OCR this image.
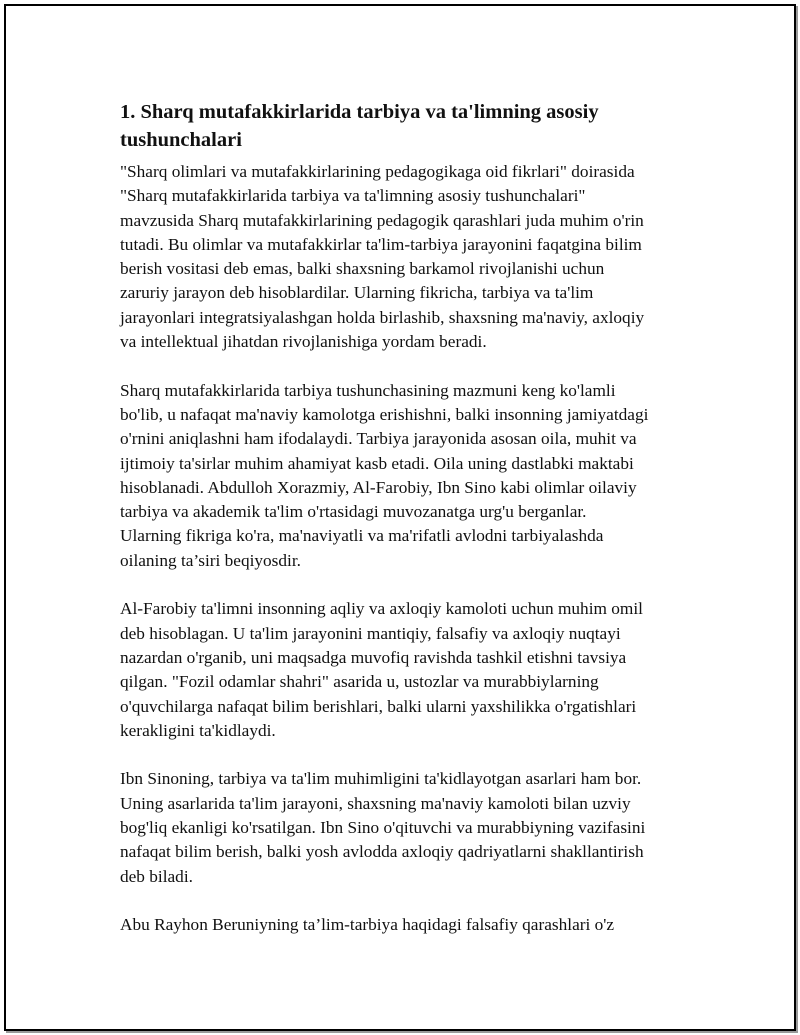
1. Sharq mutafakkirlarida tarbiya va ta'limning asosiy
tushunchalari

"Sharq olimlari va mutafakkirlarining pedagogikaga oid fikrlari" doirasida
"Sharq mutafakkirlarida tarbiya va ta'limning asosiy tushunchalari"
mavzusida Sharq mutafakkirlarining pedagogik qarashlari juda muhim o'rin
tutadi. Bu olimlar va mutafakkirlar ta'lim-tarbiya jarayonini faqatgina bilim
berish vositasi deb emas, balki shaxsning barkamol rivojlanishi uchun
zaruriy jarayon deb hisoblardilar. Ularning fikricha, tarbiya va ta'lim
jarayonlari integratsiyalashgan holda birlashib, shaxsning ma'naviy, axloqiy
va intellektual jihatdan rivojlanishiga yordam beradi.

Sharq mutafakkirlarida tarbiya tushunchasining mazmuni keng ko'lamli
bo'lib, u nafaqat ma'naviy kamolotga erishishni, balki insonning jamiyatdagi
o'rnini aniqlashni ham ifodalaydi. Tarbiya jarayonida asosan oila, muhit va
ijtimoiy ta'sirlar muhim ahamiyat kasb etadi. Oila uning dastlabki maktabi
hisoblanadi. Abdulloh Xorazmiy, Al-Farobiy, Ibn Sino kabi olimlar oilaviy
tarbiya va akademik ta'lim o'rtasidagi muvozanatga urg'u berganlar.
Ularning fikriga ko'ra, ma'naviyatli va ma'rifatli avlodni tarbiyalashda
oilaning ta’siri beqiyosdir.

Al-Farobiy ta'limni insonning aqliy va axloqiy kamoloti uchun muhim omil
deb hisoblagan. U ta'lim jarayonini mantiqiy, falsafiy va axloqiy nuqtayi
nazardan o'rganib, uni maqsadga muvofiq ravishda tashkil etishni tavsiya
qilgan. "Fozil odamlar shahri" asarida u, ustozlar va murabbiylarning
o'quvchilarga nafaqat bilim berishlari, balki ularni yaxshilikka o'rgatishlari
kerakligini ta'kidlaydi.

Ibn Sinoning, tarbiya va ta'lim muhimligini ta'kidlayotgan asarlari ham bor.
Uning asarlarida ta'lim jarayoni, shaxsning ma'naviy kamoloti bilan uzviy
bog'liq ekanligi ko'rsatilgan. Ibn Sino o'qituvchi va murabbiyning vazifasini
nafaqat bilim berish, balki yosh avlodda axloqiy qadriyatlarni shakllantirish
deb biladi.

Abu Rayhon Beruniyning ta’lim-tarbiya haqidagi falsafiy qarashlari o'z
